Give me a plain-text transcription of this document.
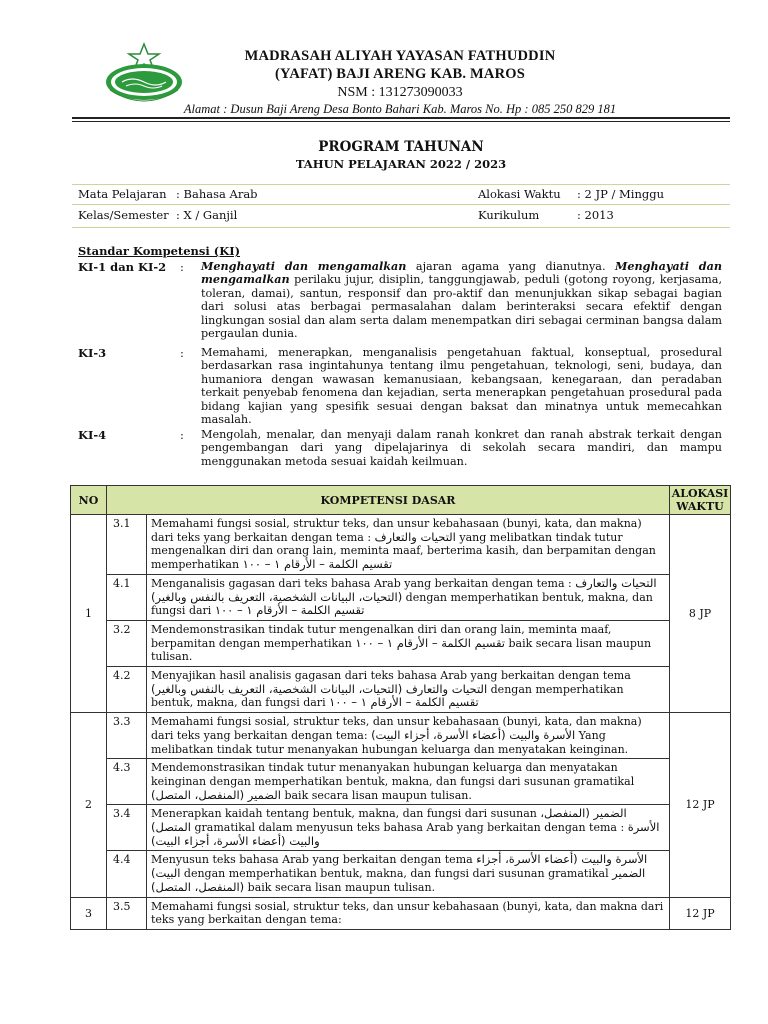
MADRASAH ALIYAH YAYASAN FATHUDDIN
(YAFAT) BAJI ARENG KAB. MAROS
NSM : 131273090033
Alamat : Dusun Baji Areng Desa Bonto Bahari Kab. Maros No. Hp : 085 250 829 181
PROGRAM TAHUNAN
TAHUN PELAJARAN 2022 / 2023
Mata Pelajaran : Bahasa Arab	Alokasi Waktu : 2 JP / Minggu
Kelas/Semester : X / Ganjil	Kurikulum	: 2013
Standar Kompetensi (KI)
KI-1 dan KI-2 : Menghayati dan mengamalkan ajaran agama yang dianutnya. Menghayati dan mengamalkan perilaku jujur, disiplin, tanggungjawab, peduli (gotong royong, kerjasama, toleran, damai), santun, responsif dan pro-aktif dan menunjukkan sikap sebagai bagian dari solusi atas berbagai permasalahan dalam berinteraksi secara efektif dengan lingkungan sosial dan alam serta dalam menempatkan diri sebagai cerminan bangsa dalam pergaulan dunia.
KI-3	: Memahami, menerapkan, menganalisis pengetahuan faktual, konseptual, prosedural berdasarkan rasa ingintahunya tentang ilmu pengetahuan, teknologi, seni, budaya, dan humaniora dengan wawasan kemanusiaan, kebangsaan, kenegaraan, dan peradaban terkait penyebab fenomena dan kejadian, serta menerapkan pengetahuan prosedural pada bidang kajian yang spesifik sesuai dengan baksat dan minatnya untuk memecahkan masalah.
KI-4	: Mengolah, menalar, dan menyaji dalam ranah konkret dan ranah abstrak terkait dengan pengembangan dari yang dipelajarinya di sekolah secara mandiri, dan mampu menggunakan metoda sesuai kaidah keilmuan.
NO	KOMPETENSI DASAR		ALOKASI
WAKTU
1	3.1	Memahami fungsi sosial, struktur teks, dan unsur kebahasaan (bunyi, kata, dan makna) dari teks yang berkaitan dengan tema : التحيات والتعارف yang melibatkan tindak tutur mengenalkan diri dan orang lain, meminta maaf, berterima kasih, dan berpamitan dengan memperhatikan تقسيم الكلمة – الأرقام ١ – ١٠٠	8 JP
	4.1	Menganalisis gagasan dari teks bahasa Arab yang berkaitan dengan tema : التحيات والتعارف (التحيات، البيانات الشخصية، التعريف بالنفس وبالغير) dengan memperhatikan bentuk, makna, dan fungsi dari تقسيم الكلمة – الأرقام ١ – ١٠٠	
	3.2	Mendemonstrasikan tindak tutur mengenalkan diri dan orang lain, meminta maaf, berpamitan dengan memperhatikan تقسيم الكلمة – الأرقام ١ – ١٠٠ baik secara lisan maupun tulisan.	
	4.2	Menyajikan hasil analisis gagasan dari teks bahasa Arab yang berkaitan dengan tema التحيات والتعارف (التحيات، البيانات الشخصية، التعريف بالنفس وبالغير) dengan memperhatikan bentuk, makna, dan fungsi dari تقسيم الكلمة – الأرقام ١ – ١٠٠	
2	3.3	Memahami fungsi sosial, struktur teks, dan unsur kebahasaan (bunyi, kata, dan makna) dari teks yang berkaitan dengan tema: الأسرة والبيت (أعضاء الأسرة، أجزاء البيت) Yang melibatkan tindak tutur menanyakan hubungan keluarga dan menyatakan keinginan.	12 JP
	4.3	Mendemonstrasikan tindak tutur menanyakan hubungan keluarga dan menyatakan keinginan dengan memperhatikan bentuk, makna, dan fungsi dari susunan gramatikal الضمير (المنفصل، المتصل) baik secara lisan maupun tulisan.	
	3.4	Menerapkan kaidah tentang bentuk, makna, dan fungsi dari susunan الضمير (المنفصل، المتصل) gramatikal dalam menyusun teks bahasa Arab yang berkaitan dengan tema : الأسرة والبيت (أعضاء الأسرة، أجزاء البيت)	
	4.4	Menyusun teks bahasa Arab yang berkaitan dengan tema الأسرة والبيت (أعضاء الأسرة، أجزاء البيت) dengan memperhatikan bentuk, makna, dan fungsi dari susunan gramatikal الضمير (المنفصل، المتصل) baik secara lisan maupun tulisan.	
3	3.5	Memahami fungsi sosial, struktur teks, dan unsur kebahasaan (bunyi, kata, dan makna dari teks yang berkaitan dengan tema:	12 JP
